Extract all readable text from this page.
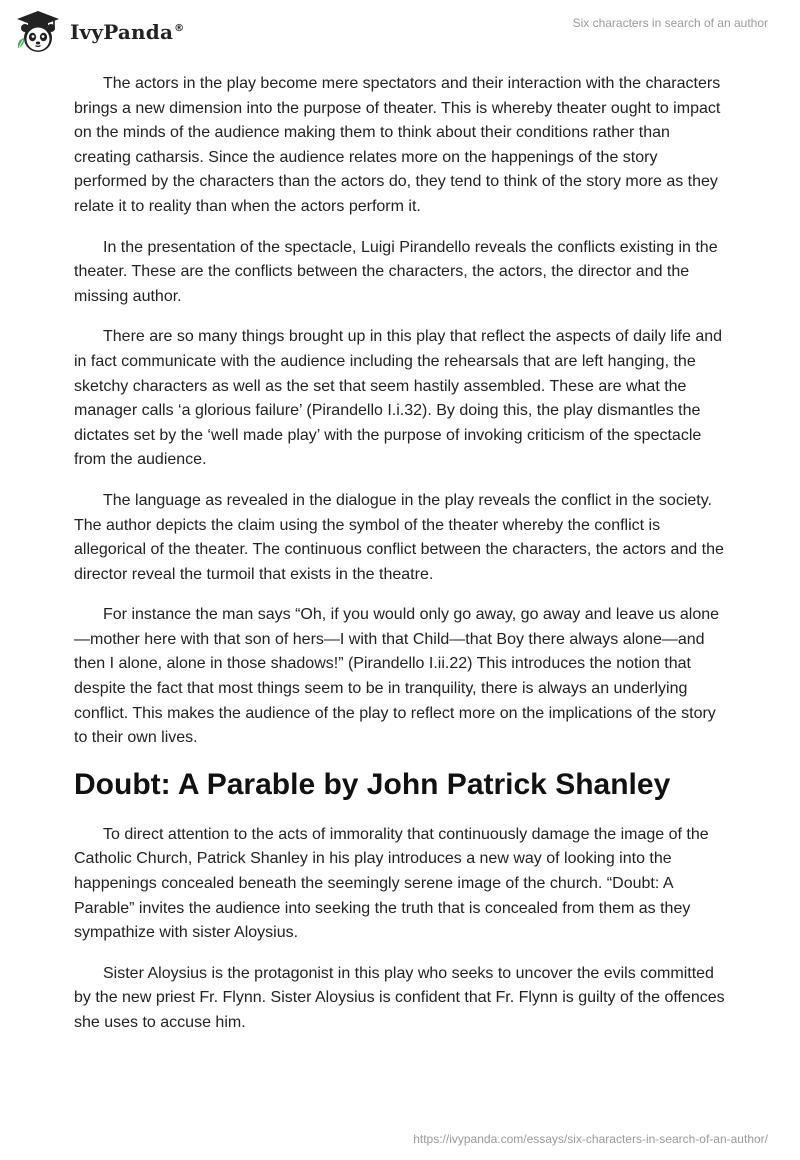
IvyPanda®	Six characters in search of an author

The actors in the play become mere spectators and their interaction with the characters brings a new dimension into the purpose of theater. This is whereby theater ought to impact on the minds of the audience making them to think about their conditions rather than creating catharsis. Since the audience relates more on the happenings of the story performed by the characters than the actors do, they tend to think of the story more as they relate it to reality than when the actors perform it.

In the presentation of the spectacle, Luigi Pirandello reveals the conflicts existing in the theater. These are the conflicts between the characters, the actors, the director and the missing author.

There are so many things brought up in this play that reflect the aspects of daily life and in fact communicate with the audience including the rehearsals that are left hanging, the sketchy characters as well as the set that seem hastily assembled. These are what the manager calls ‘a glorious failure’ (Pirandello I.i.32). By doing this, the play dismantles the dictates set by the ‘well made play’ with the purpose of invoking criticism of the spectacle from the audience.

The language as revealed in the dialogue in the play reveals the conflict in the society. The author depicts the claim using the symbol of the theater whereby the conflict is allegorical of the theater. The continuous conflict between the characters, the actors and the director reveal the turmoil that exists in the theatre.

For instance the man says “Oh, if you would only go away, go away and leave us alone—mother here with that son of hers—I with that Child—that Boy there always alone—and then I alone, alone in those shadows!” (Pirandello I.ii.22) This introduces the notion that despite the fact that most things seem to be in tranquility, there is always an underlying conflict. This makes the audience of the play to reflect more on the implications of the story to their own lives.

Doubt: A Parable by John Patrick Shanley

To direct attention to the acts of immorality that continuously damage the image of the Catholic Church, Patrick Shanley in his play introduces a new way of looking into the happenings concealed beneath the seemingly serene image of the church. “Doubt: A Parable” invites the audience into seeking the truth that is concealed from them as they sympathize with sister Aloysius.

Sister Aloysius is the protagonist in this play who seeks to uncover the evils committed by the new priest Fr. Flynn. Sister Aloysius is confident that Fr. Flynn is guilty of the offences she uses to accuse him.

https://ivypanda.com/essays/six-characters-in-search-of-an-author/
